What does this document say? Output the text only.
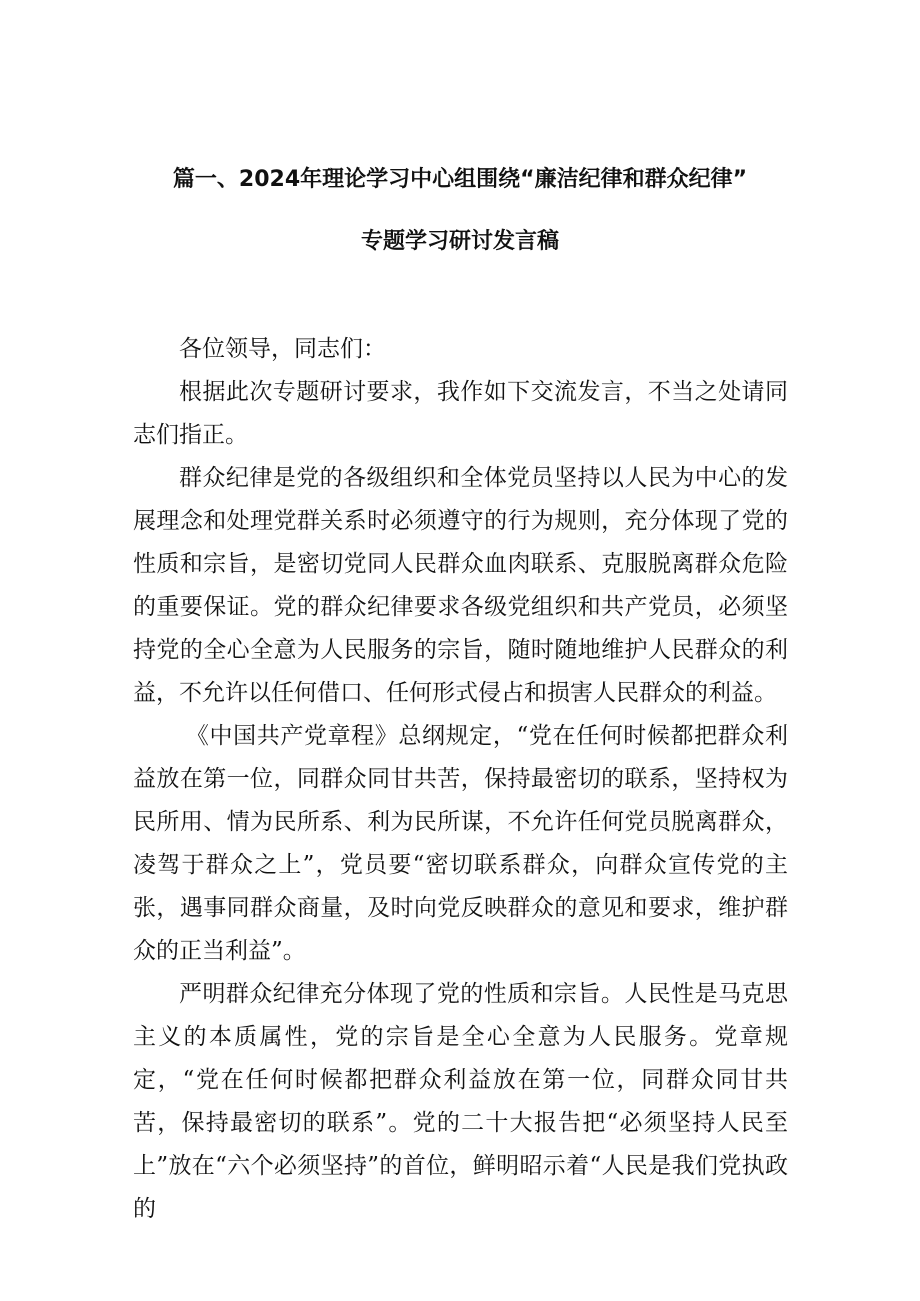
篇一、2024年理论学习中心组围绕“廉洁纪律和群众纪律”
专题学习研讨发言稿

各位领导，同志们：

根据此次专题研讨要求，我作如下交流发言，不当之处请同志们指正。

群众纪律是党的各级组织和全体党员坚持以人民为中心的发展理念和处理党群关系时必须遵守的行为规则，充分体现了党的性质和宗旨，是密切党同人民群众血肉联系、克服脱离群众危险的重要保证。党的群众纪律要求各级党组织和共产党员，必须坚持党的全心全意为人民服务的宗旨，随时随地维护人民群众的利益，不允许以任何借口、任何形式侵占和损害人民群众的利益。

《中国共产党章程》总纲规定，“党在任何时候都把群众利益放在第一位，同群众同甘共苦，保持最密切的联系，坚持权为民所用、情为民所系、利为民所谋，不允许任何党员脱离群众，凌驾于群众之上”，党员要“密切联系群众，向群众宣传党的主张，遇事同群众商量，及时向党反映群众的意见和要求，维护群众的正当利益”。

严明群众纪律充分体现了党的性质和宗旨。人民性是马克思主义的本质属性，党的宗旨是全心全意为人民服务。党章规定，“党在任何时候都把群众利益放在第一位，同群众同甘共苦，保持最密切的联系”。党的二十大报告把“必须坚持人民至上”放在“六个必须坚持”的首位，鲜明昭示着“人民是我们党执政的
